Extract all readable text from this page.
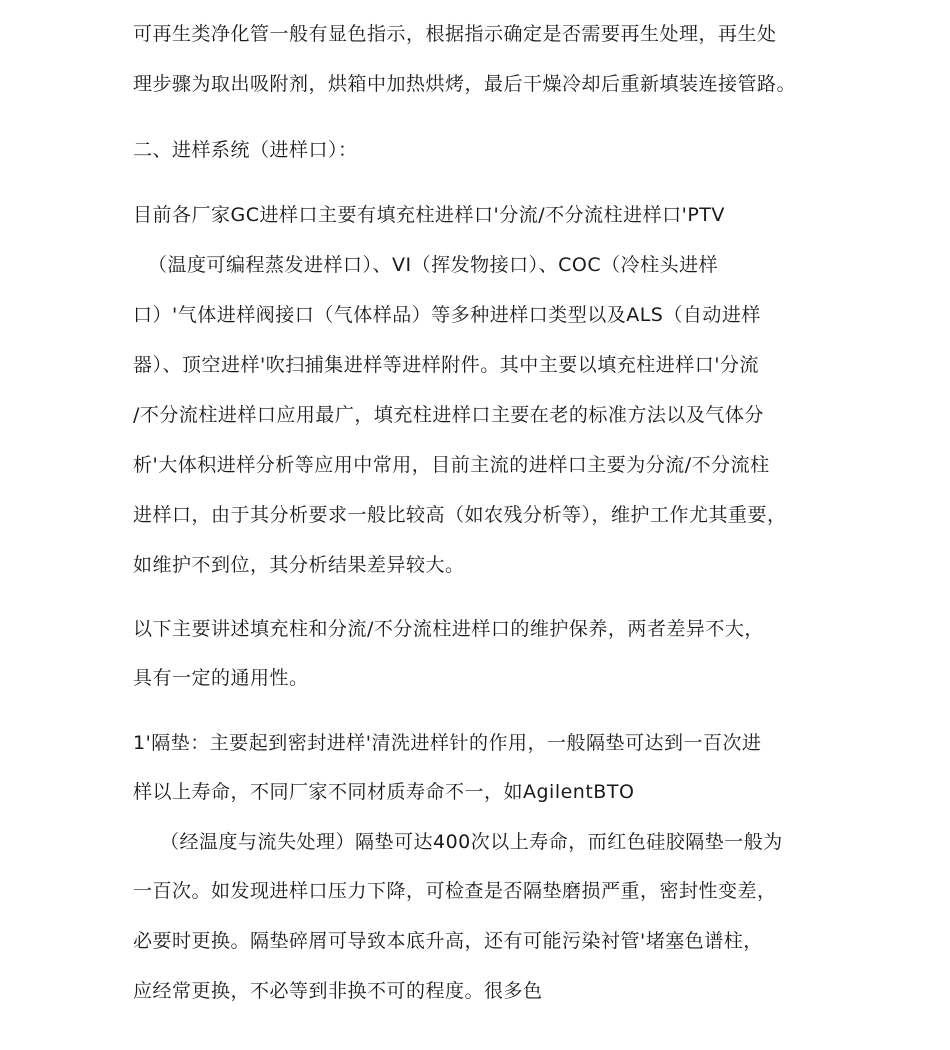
可再生类净化管一般有显色指示，根据指示确定是否需要再生处理，再生处
理步骤为取出吸附剂，烘箱中加热烘烤，最后干燥冷却后重新填装连接管路。
二、进样系统（进样口）：
目前各厂家GC进样口主要有填充柱进样口'分流/不分流柱进样口'PTV
（温度可编程蒸发进样口）、VI（挥发物接口）、COC（冷柱头进样
口）'气体进样阀接口（气体样品）等多种进样口类型以及ALS（自动进样
器）、顶空进样'吹扫捕集进样等进样附件。其中主要以填充柱进样口'分流
/不分流柱进样口应用最广，填充柱进样口主要在老的标准方法以及气体分
析'大体积进样分析等应用中常用，目前主流的进样口主要为分流/不分流柱
进样口，由于其分析要求一般比较高（如农残分析等），维护工作尤其重要，
如维护不到位，其分析结果差异较大。
以下主要讲述填充柱和分流/不分流柱进样口的维护保养，两者差异不大，
具有一定的通用性。
1'隔垫：主要起到密封进样'清洗进样针的作用，一般隔垫可达到一百次进
样以上寿命，不同厂家不同材质寿命不一，如AgilentBTO
（经温度与流失处理）隔垫可达400次以上寿命，而红色硅胶隔垫一般为
一百次。如发现进样口压力下降，可检查是否隔垫磨损严重，密封性变差，
必要时更换。隔垫碎屑可导致本底升高，还有可能污染衬管'堵塞色谱柱，
应经常更换，不必等到非换不可的程度。很多色
